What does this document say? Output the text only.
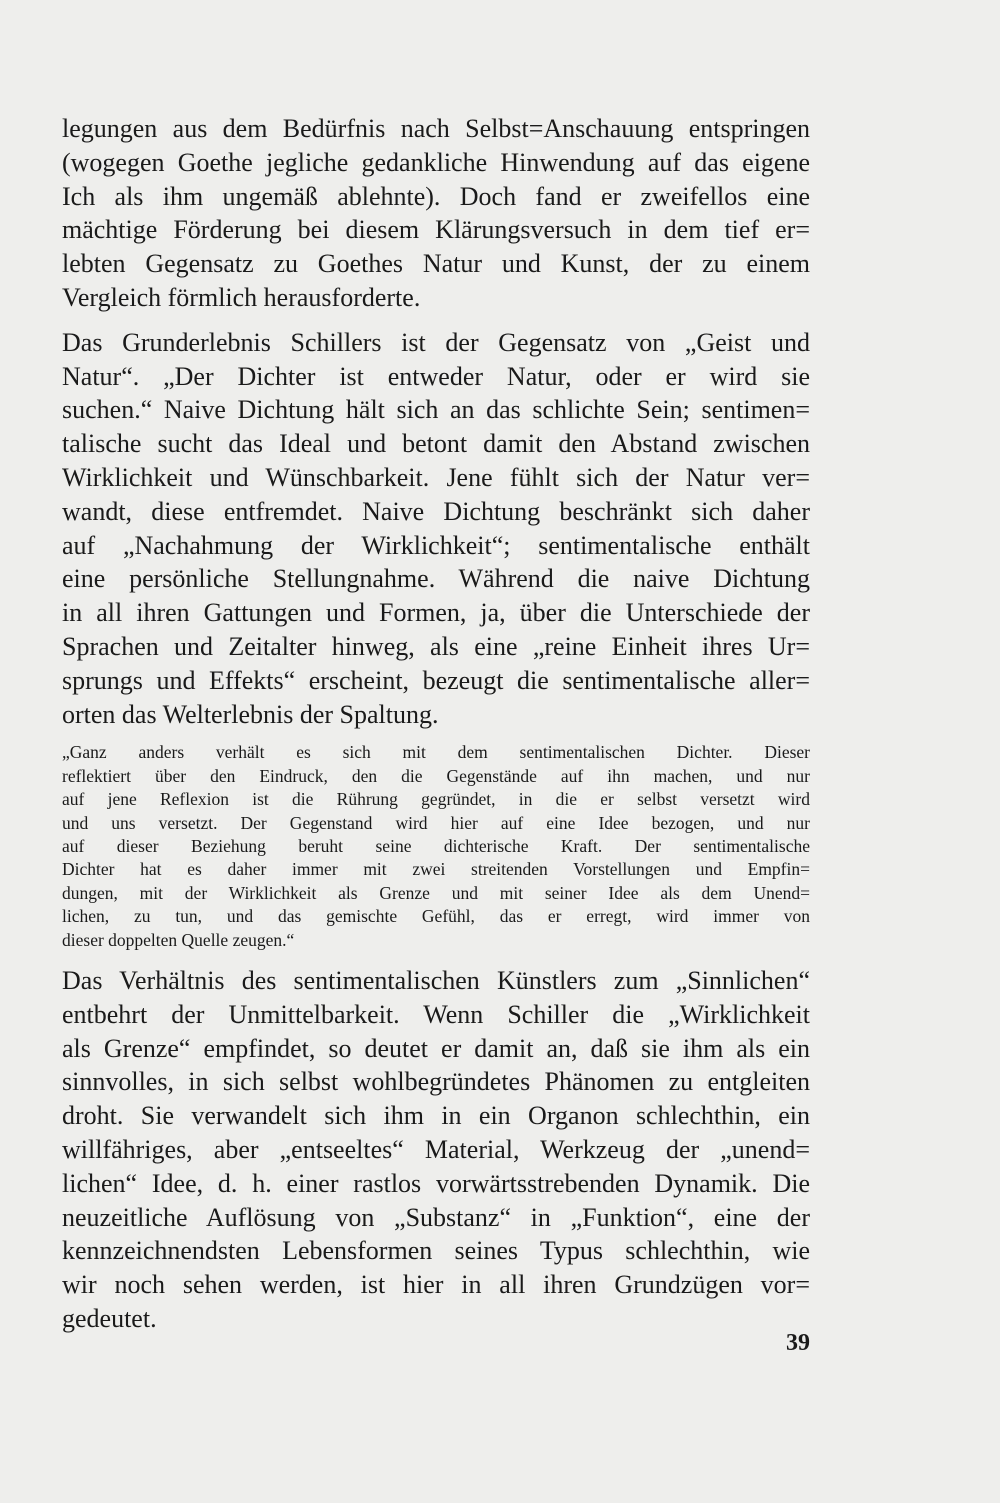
legungen aus dem Bedürfnis nach Selbst=Anschauung entspringen
(wogegen Goethe jegliche gedankliche Hinwendung auf das eigene
Ich als ihm ungemäß ablehnte). Doch fand er zweifellos eine
mächtige Förderung bei diesem Klärungsversuch in dem tief er=
lebten Gegensatz zu Goethes Natur und Kunst, der zu einem
Vergleich förmlich herausforderte.
Das Grunderlebnis Schillers ist der Gegensatz von „Geist und
Natur“. „Der Dichter ist entweder Natur, oder er wird sie
suchen.“ Naive Dichtung hält sich an das schlichte Sein; sentimen=
talische sucht das Ideal und betont damit den Abstand zwischen
Wirklichkeit und Wünschbarkeit. Jene fühlt sich der Natur ver=
wandt, diese entfremdet. Naive Dichtung beschränkt sich daher
auf „Nachahmung der Wirklichkeit“; sentimentalische enthält
eine persönliche Stellungnahme. Während die naive Dichtung
in all ihren Gattungen und Formen, ja, über die Unterschiede der
Sprachen und Zeitalter hinweg, als eine „reine Einheit ihres Ur=
sprungs und Effekts“ erscheint, bezeugt die sentimentalische aller=
orten das Welterlebnis der Spaltung.
„Ganz anders verhält es sich mit dem sentimentalischen Dichter. Dieser
reflektiert über den Eindruck, den die Gegenstände auf ihn machen, und nur
auf jene Reflexion ist die Rührung gegründet, in die er selbst versetzt wird
und uns versetzt. Der Gegenstand wird hier auf eine Idee bezogen, und nur
auf dieser Beziehung beruht seine dichterische Kraft. Der sentimentalische
Dichter hat es daher immer mit zwei streitenden Vorstellungen und Empfin=
dungen, mit der Wirklichkeit als Grenze und mit seiner Idee als dem Unend=
lichen, zu tun, und das gemischte Gefühl, das er erregt, wird immer von
dieser doppelten Quelle zeugen.“
Das Verhältnis des sentimentalischen Künstlers zum „Sinnlichen“
entbehrt der Unmittelbarkeit. Wenn Schiller die „Wirklichkeit
als Grenze“ empfindet, so deutet er damit an, daß sie ihm als ein
sinnvolles, in sich selbst wohlbegründetes Phänomen zu entgleiten
droht. Sie verwandelt sich ihm in ein Organon schlechthin, ein
willfähriges, aber „entseeltes“ Material, Werkzeug der „unend=
lichen“ Idee, d. h. einer rastlos vorwärtsstrebenden Dynamik. Die
neuzeitliche Auflösung von „Substanz“ in „Funktion“, eine der
kennzeichnendsten Lebensformen seines Typus schlechthin, wie
wir noch sehen werden, ist hier in all ihren Grundzügen vor=
gedeutet.
39
